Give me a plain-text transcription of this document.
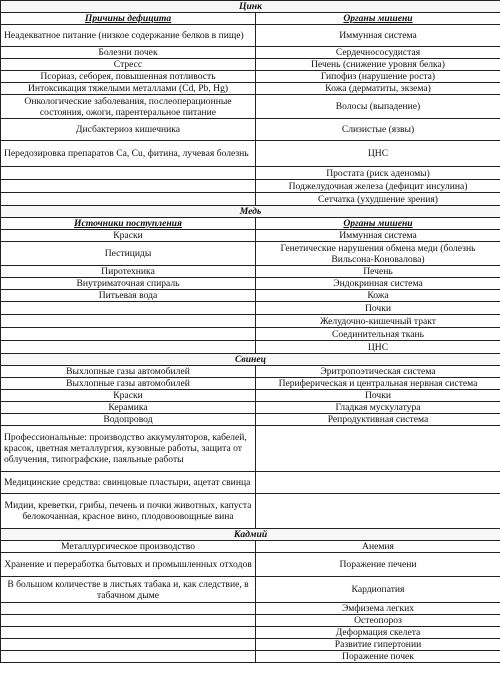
Цинк	
Причины дефицита	Органы мишени
Неадекватное питание (низкое содержание белков в пище)	Иммунная система
Болезни почек	Сердечнососудистая
Стресс	Печень (снижение уровня белка)
Псориаз, себорея, повышенная потливость	Гипофиз (нарушение роста)
Интоксикация тяжелыми металлами (Cd, Pb, Hg)	Кожа (дерматиты, экзема)
Онкологические заболевания, послеоперационные состояния, ожоги, парентеральное питание	Волосы (выпадение)
Дисбактериоз кишечника	Слизистые (язвы)
Передозировка препаратов Ca, Cu, фитина, лучевая болезнь	ЦНС
	Простата (риск аденомы)
	Поджелудочная железа (дефицит инсулина)
	Сетчатка (ухудшение зрения)
Медь	
Источники поступления	Органы мишени
Краски	Иммунная система
Пестициды	Генетические нарушения обмена меди (болезнь Вильсона-Коновалова)
Пиротехника	Печень
Внутриматочная спираль	Эндокринная система
Питьевая вода	Кожа
	Почки
	Желудочно-кишечный тракт
	Соединительная ткань
	ЦНС
Свинец	
Выхлопные газы автомобилей	Эритропоэтическая система
Выхлопные газы автомобилей	Периферическая и центральная нервная система
Краски	Почки
Керамика	Гладкая мускулатура
Водопровод	Репродуктивная система
Профессиональные: производство аккумуляторов, кабелей, красок, цветная металлургия, кузовные работы, защита от облучения, типографские, паяльные работы	
Медицинские средства: свинцовые пластыри, ацетат свинца	
Мидии, креветки, грибы, печень и почки животных, капуста белокочанная, красное вино, плодовоовощные вина	
Кадмий	
Металлургическое производство	Анемия
Хранение и переработка бытовых и промышленных отходов	Поражение печени
В большом количестве в листьях табака и, как следствие, в табачном дыме	Кардиопатия
	Эмфизема легких
	Остеопороз
	Деформация скелета
	Развитие гипертонии
	Поражение почек
